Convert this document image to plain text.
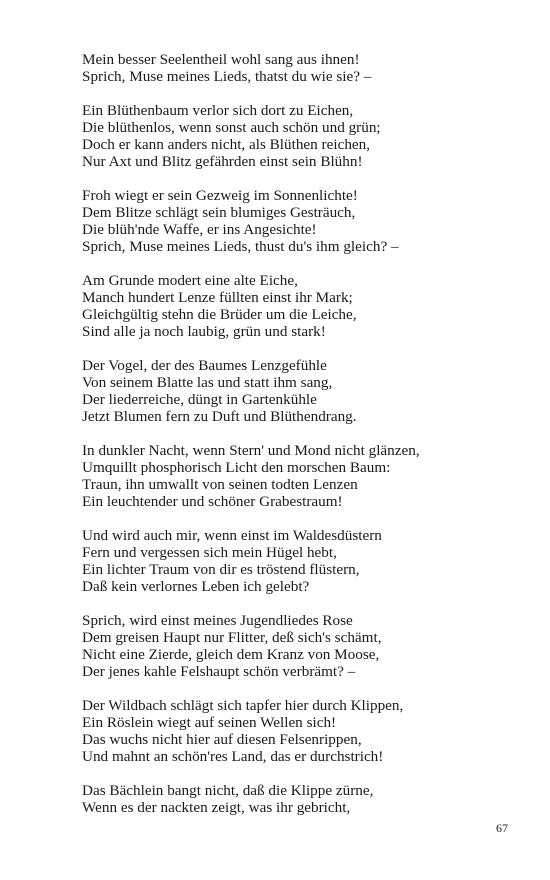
Mein besser Seelentheil wohl sang aus ihnen!
Sprich, Muse meines Lieds, thatst du wie sie? –
Ein Blüthenbaum verlor sich dort zu Eichen,
Die blüthenlos, wenn sonst auch schön und grün;
Doch er kann anders nicht, als Blüthen reichen,
Nur Axt und Blitz gefährden einst sein Blühn!
Froh wiegt er sein Gezweig im Sonnenlichte!
Dem Blitze schlägt sein blumiges Gesträuch,
Die blüh'nde Waffe, er ins Angesichte!
Sprich, Muse meines Lieds, thust du's ihm gleich? –
Am Grunde modert eine alte Eiche,
Manch hundert Lenze füllten einst ihr Mark;
Gleichgültig stehn die Brüder um die Leiche,
Sind alle ja noch laubig, grün und stark!
Der Vogel, der des Baumes Lenzgefühle
Von seinem Blatte las und statt ihm sang,
Der liederreiche, düngt in Gartenkühle
Jetzt Blumen fern zu Duft und Blüthendrang.
In dunkler Nacht, wenn Stern' und Mond nicht glänzen,
Umquillt phosphorisch Licht den morschen Baum:
Traun, ihn umwallt von seinen todten Lenzen
Ein leuchtender und schöner Grabestraum!
Und wird auch mir, wenn einst im Waldesdüstern
Fern und vergessen sich mein Hügel hebt,
Ein lichter Traum von dir es tröstend flüstern,
Daß kein verlornes Leben ich gelebt?
Sprich, wird einst meines Jugendliedes Rose
Dem greisen Haupt nur Flitter, deß sich's schämt,
Nicht eine Zierde, gleich dem Kranz von Moose,
Der jenes kahle Felshaupt schön verbrämt? –
Der Wildbach schlägt sich tapfer hier durch Klippen,
Ein Röslein wiegt auf seinen Wellen sich!
Das wuchs nicht hier auf diesen Felsenrippen,
Und mahnt an schön'res Land, das er durchstrich!
Das Bächlein bangt nicht, daß die Klippe zürne,
Wenn es der nackten zeigt, was ihr gebricht,
67
